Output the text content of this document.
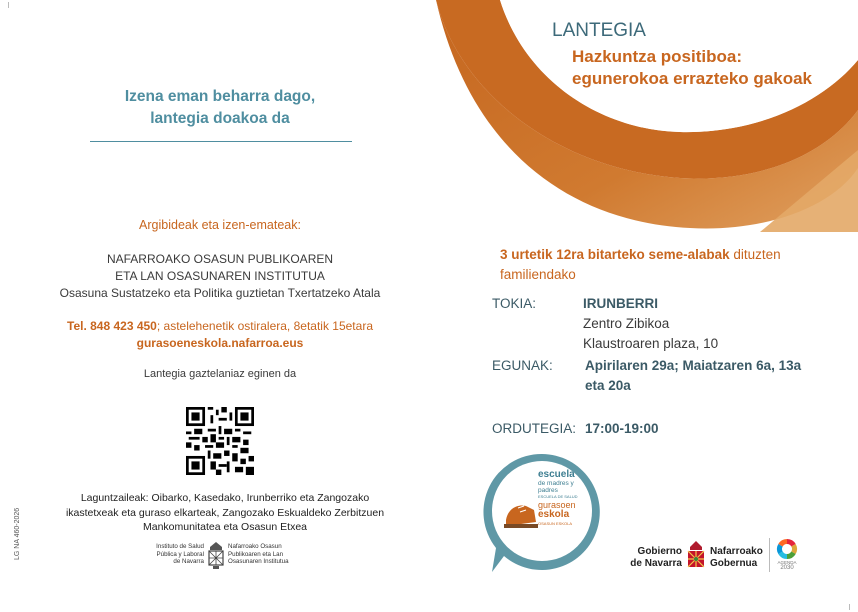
Izena eman beharra dago,
lantegia doakoa da
Argibideak eta izen-emateak:
NAFARROAKO OSASUN PUBLIKOAREN
ETA LAN OSASUNAREN INSTITUTUA
Osasuna Sustatzeko eta Politika guztietan Txertatzeko Atala
Tel. 848 423 450; astelehenetik ostiralera, 8etatik 15etara
gurasoeneskola.nafarroa.eus
Lantegia gaztelaniaz eginen da
Laguntzaileak: Oibarko, Kasedako, Irunberriko eta Zangozako
ikastetxeak eta guraso elkarteak, Zangozako Eskualdeko Zerbitzuen
Mankomunitatea eta Osasun Etxea
Instituto de Salud
Pública y Laboral
de Navarra
Nafarroako Osasun
Publikoaren eta Lan
Osasunaren Institutua
LG NA 460-2026
LANTEGIA
Hazkuntza positiboa:
egunerokoa errazteko gakoak
3 urtetik 12ra bitarteko seme-alabak dituzten
familiendako
TOKIA:	IRUNBERRI
Zentro Zibikoa
Klaustroaren plaza, 10
EGUNAK: Apirilaren 29a; Maiatzaren 6a, 13a
eta 20a
ORDUTEGIA: 17:00-19:00
escuela
de madres y
padres
ESCUELA DE SALUD
gurasoen
eskola
OSASUN ESKOLA
Gobierno
de Navarra
Nafarroako
Gobernua	AGENDA
2030
